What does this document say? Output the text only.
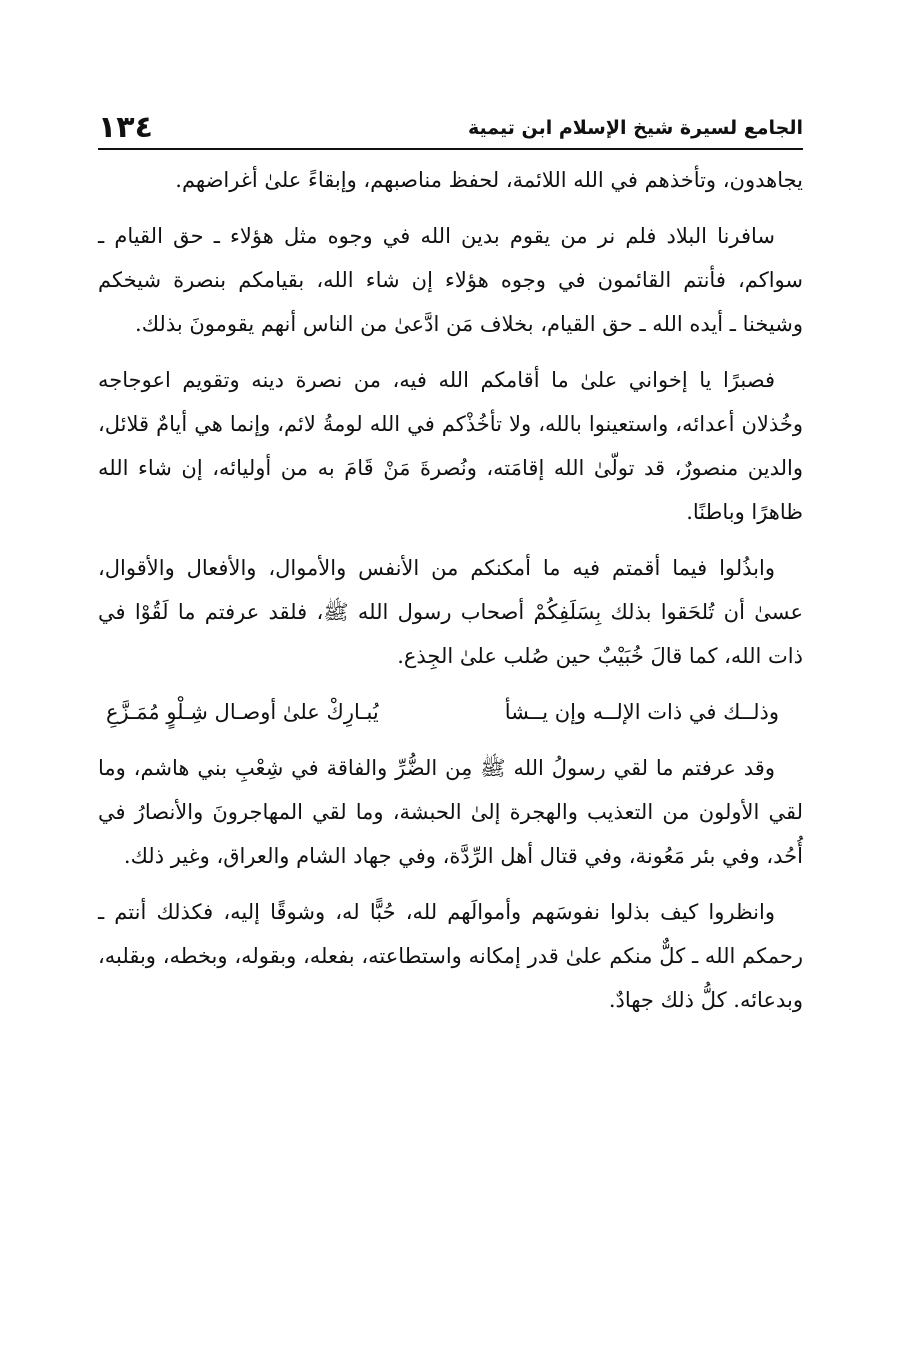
١٣٤	الجامع لسيرة شيخ الإسلام ابن تيمية

يجاهدون، وتأخذهم في الله اللائمة، لحفظ مناصبهم، وإبقاءً علىٰ أغراضهم.

سافرنا البلاد فلم نر من يقوم بدين الله في وجوه مثل هؤلاء ـ حق القيام ـ سواكم، فأنتم القائمون في وجوه هؤلاء إن شاء الله، بقيامكم بنصرة شيخكم وشيخنا ـ أيده الله ـ حق القيام، بخلاف مَن ادَّعىٰ من الناس أنهم يقومونَ بذلك.

فصبرًا يا إخواني علىٰ ما أقامكم الله فيه، من نصرة دينه وتقويم اعوجاجه وخُذلان أعدائه، واستعينوا بالله، ولا تأخُذْكم في الله لومةُ لائم، وإنما هي أيامٌ قلائل، والدين منصورٌ، قد تولّىٰ الله إقامَته، ونُصرةَ مَنْ قَامَ به من أوليائه، إن شاء الله ظاهرًا وباطنًا.

وابذُلوا فيما أقمتم فيه ما أمكنكم من الأنفس والأموال، والأفعال والأقوال، عسىٰ أن تُلحَقوا بذلك بِسَلَفِكُمْ أصحاب رسول الله ﷺ، فلقد عرفتم ما لَقُوْا في ذات الله، كما قالَ خُبَيْبٌ حين صُلب علىٰ الجِذع.

وذلــك في ذات الإلــه وإن يــشأ
يُبـارِكْ علىٰ أوصـال شِـلْوٍ مُمَـزَّعِ

وقد عرفتم ما لقي رسولُ الله ﷺ مِن الضُّرِّ والفاقة في شِعْبِ بني هاشم، وما لقي الأولون من التعذيب والهجرة إلىٰ الحبشة، وما لقي المهاجرونَ والأنصارُ في أُحُد، وفي بئر مَعُونة، وفي قتال أهل الرِّدَّة، وفي جهاد الشام والعراق، وغير ذلك.

وانظروا كيف بذلوا نفوسَهم وأموالَهم لله، حُبًّا له، وشوقًا إليه، فكذلك أنتم ـ رحمكم الله ـ كلٌّ منكم علىٰ قدر إمكانه واستطاعته، بفعله، وبقوله، وبخطه، وبقلبه، وبدعائه. كلُّ ذلك جهادٌ.
